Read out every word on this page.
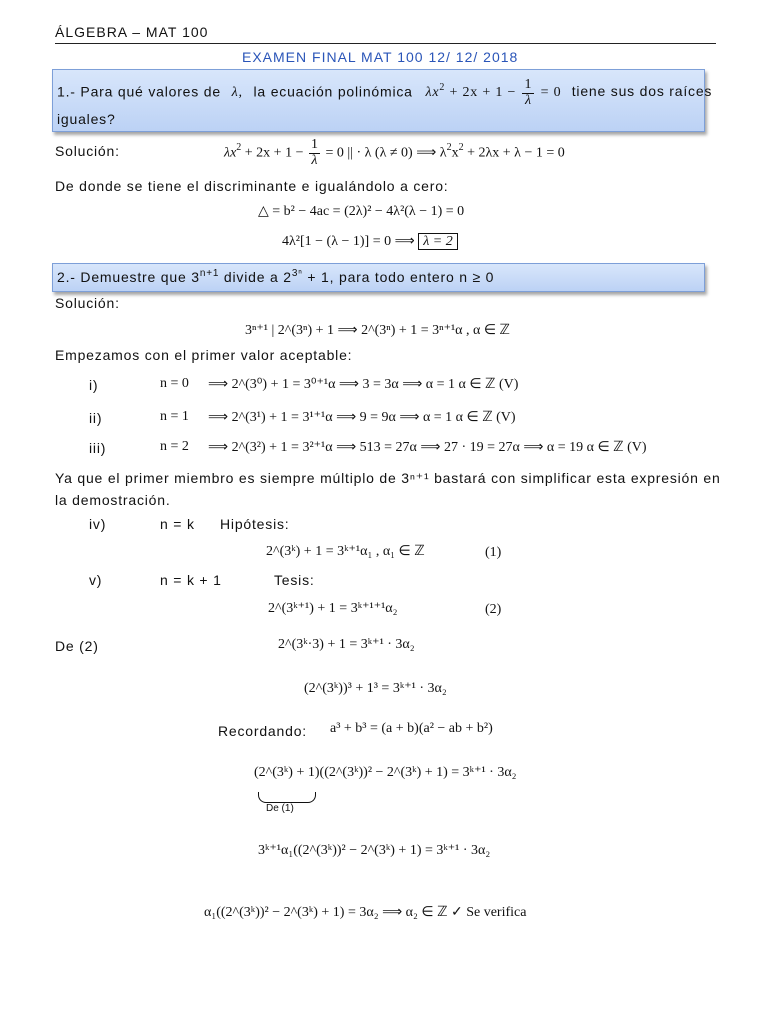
ÁLGEBRA – MAT 100
EXAMEN FINAL MAT 100 12/ 12/ 2018
1.- Para qué valores de λ, la ecuación polinómica $\lambda x^2 + 2x + 1 - \frac{1}{\lambda} = 0$ tiene sus dos raíces
iguales?
Solución:	$\lambda x^2 + 2x + 1 - \frac{1}{\lambda} = 0$ || · λ (λ ≠ 0) ⟹ $\lambda^2x^2 + 2\lambda x + \lambda - 1 = 0$
De donde se tiene el discriminante e igualándolo a cero:
△ = b² − 4ac = (2λ)² − 4λ²(λ − 1) = 0
4λ²[1 − (λ − 1)] = 0 ⟹ λ = 2
2.- Demuestre que $3^{n+1}$ divide a $2^{3^n} + 1$, para todo entero n ≥ 0
Solución:
3ⁿ⁺¹ | 2^(3ⁿ) + 1 ⟹ 2^(3ⁿ) + 1 = 3ⁿ⁺¹α , α ∈ ℤ
Empezamos con el primer valor aceptable:
i)	n = 0 ⟹ 2^(3⁰) + 1 = 3⁰⁺¹α ⟹ 3 = 3α ⟹ α = 1 α ∈ ℤ (V)
ii)	n = 1 ⟹ 2^(3¹) + 1 = 3¹⁺¹α ⟹ 9 = 9α ⟹ α = 1 α ∈ ℤ (V)
iii)	n = 2 ⟹ 2^(3²) + 1 = 3²⁺¹α ⟹ 513 = 27α ⟹ 27 · 19 = 27α ⟹ α = 19 α ∈ ℤ (V)
Ya que el primer miembro es siempre múltiplo de 3ⁿ⁺¹ bastará con simplificar esta expresión en
la demostración.
iv)	n = k Hipótesis:
2^(3ᵏ) + 1 = 3ᵏ⁺¹α₁ , α₁ ∈ ℤ	(1)
v)	n = k + 1	Tesis:
2^(3ᵏ⁺¹) + 1 = 3ᵏ⁺¹⁺¹α₂	(2)
De (2)	2^(3ᵏ·3) + 1 = 3ᵏ⁺¹ · 3α₂
(2^(3ᵏ))³ + 1³ = 3ᵏ⁺¹ · 3α₂
Recordando: a³ + b³ = (a + b)(a² − ab + b²)
(2^(3ᵏ) + 1)((2^(3ᵏ))² − 2^(3ᵏ) + 1) = 3ᵏ⁺¹ · 3α₂
De (1)
3ᵏ⁺¹α₁((2^(3ᵏ))² − 2^(3ᵏ) + 1) = 3ᵏ⁺¹ · 3α₂
α₁((2^(3ᵏ))² − 2^(3ᵏ) + 1) = 3α₂ ⟹ α₂ ∈ ℤ ✓ Se verifica
